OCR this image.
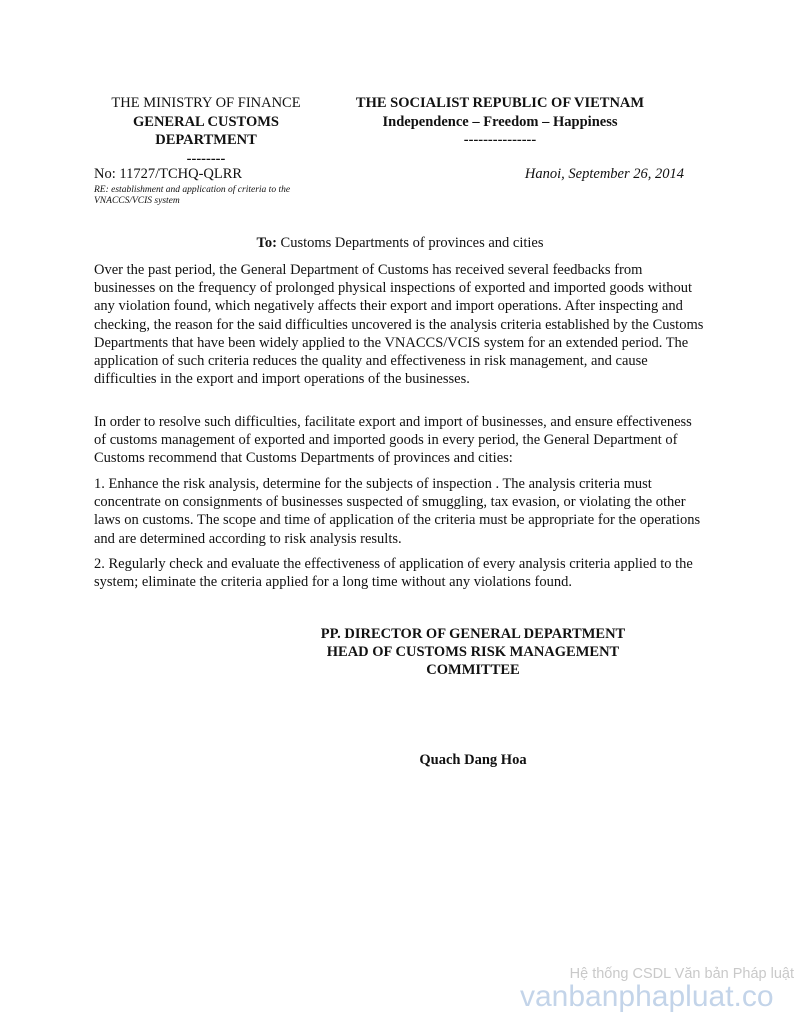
THE MINISTRY OF FINANCE
GENERAL CUSTOMS
DEPARTMENT
--------
THE SOCIALIST REPUBLIC OF VIETNAM
Independence – Freedom – Happiness
---------------
No: 11727/TCHQ-QLRR
RE: establishment and application of criteria to the
VNACCS/VCIS system
Hanoi, September 26, 2014
To: Customs Departments of provinces and cities
Over the past period, the General Department of Customs has received several feedbacks from businesses on the frequency of prolonged physical inspections of exported and imported goods without any violation found, which negatively affects their export and import operations. After inspecting and checking, the reason for the said difficulties uncovered is the analysis criteria established by the Customs Departments that have been widely applied to the VNACCS/VCIS system for an extended period. The application of such criteria reduces the quality and effectiveness in risk management, and cause difficulties in the export and import operations of the businesses.
In order to resolve such difficulties, facilitate export and import of businesses, and ensure effectiveness of customs management of exported and imported goods in every period, the General Department of Customs recommend that Customs Departments of provinces and cities:
1. Enhance the risk analysis, determine for the subjects of inspection . The analysis criteria must concentrate on consignments of businesses suspected of smuggling, tax evasion, or violating the other laws on customs. The scope and time of application of the criteria must be appropriate for the operations and are determined according to risk analysis results.
2. Regularly check and evaluate the effectiveness of application of every analysis criteria applied to the system; eliminate the criteria applied for a long time without any violations found.
PP. DIRECTOR OF GENERAL DEPARTMENT
HEAD OF CUSTOMS RISK MANAGEMENT
COMMITTEE
Quach Dang Hoa
Hệ thống CSDL Văn bản Pháp luật
vanbanphapluat.co
